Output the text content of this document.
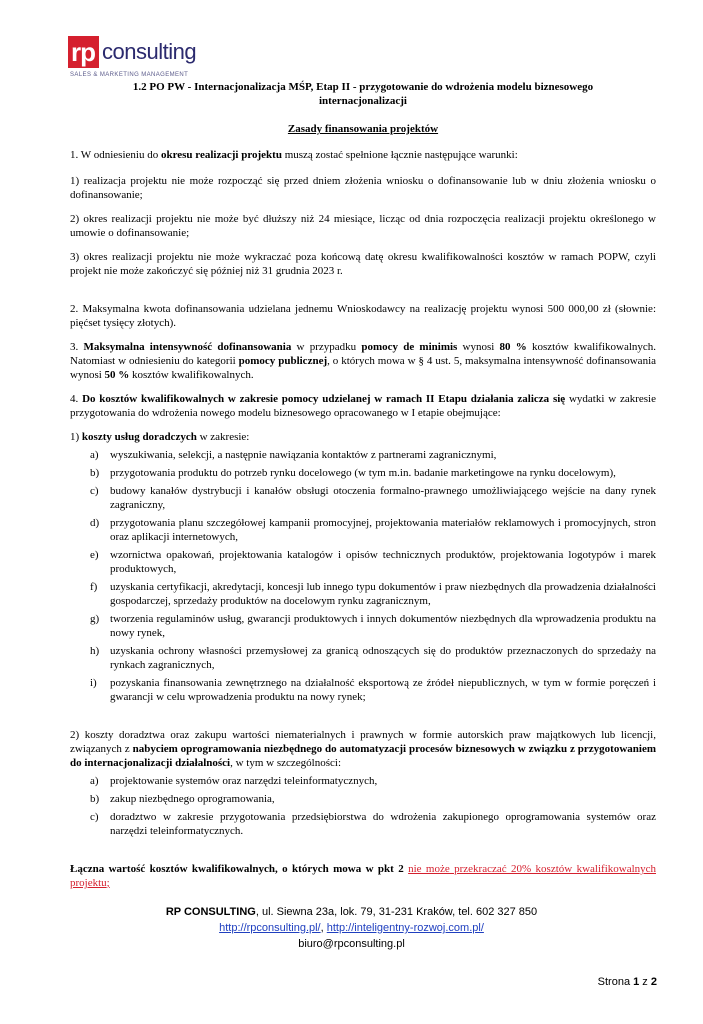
rp consulting
SALES & MARKETING MANAGEMENT

1.2 PO PW - Internacjonalizacja MŚP, Etap II - przygotowanie do wdrożenia modelu biznesowego
internacjonalizacji

Zasady finansowania projektów

1. W odniesieniu do okresu realizacji projektu muszą zostać spełnione łącznie następujące warunki:

1) realizacja projektu nie może rozpocząć się przed dniem złożenia wniosku o dofinansowanie lub w dniu złożenia wniosku o dofinansowanie;

2) okres realizacji projektu nie może być dłuższy niż 24 miesiące, licząc od dnia rozpoczęcia realizacji projektu określonego w umowie o dofinansowanie;

3) okres realizacji projektu nie może wykraczać poza końcową datę okresu kwalifikowalności kosztów w ramach POPW, czyli projekt nie może zakończyć się później niż 31 grudnia 2023 r.

2. Maksymalna kwota dofinansowania udzielana jednemu Wnioskodawcy na realizację projektu wynosi 500 000,00 zł (słownie: pięćset tysięcy złotych).

3. Maksymalna intensywność dofinansowania w przypadku pomocy de minimis wynosi 80 % kosztów kwalifikowalnych. Natomiast w odniesieniu do kategorii pomocy publicznej, o których mowa w § 4 ust. 5, maksymalna intensywność dofinansowania wynosi 50 % kosztów kwalifikowalnych.

4. Do kosztów kwalifikowalnych w zakresie pomocy udzielanej w ramach II Etapu działania zalicza się wydatki w zakresie przygotowania do wdrożenia nowego modelu biznesowego opracowanego w I etapie obejmujące:

1) koszty usług doradczych w zakresie:

a) wyszukiwania, selekcji, a następnie nawiązania kontaktów z partnerami zagranicznymi,
b) przygotowania produktu do potrzeb rynku docelowego (w tym m.in. badanie marketingowe na rynku docelowym),
c) budowy kanałów dystrybucji i kanałów obsługi otoczenia formalno-prawnego umożliwiającego wejście na dany rynek zagraniczny,
d) przygotowania planu szczegółowej kampanii promocyjnej, projektowania materiałów reklamowych i promocyjnych, stron oraz aplikacji internetowych,
e) wzornictwa opakowań, projektowania katalogów i opisów technicznych produktów, projektowania logotypów i marek produktowych,
f) uzyskania certyfikacji, akredytacji, koncesji lub innego typu dokumentów i praw niezbędnych dla prowadzenia działalności gospodarczej, sprzedaży produktów na docelowym rynku zagranicznym,
g) tworzenia regulaminów usług, gwarancji produktowych i innych dokumentów niezbędnych dla wprowadzenia produktu na nowy rynek,
h) uzyskania ochrony własności przemysłowej za granicą odnoszących się do produktów przeznaczonych do sprzedaży na rynkach zagranicznych,
i) pozyskania finansowania zewnętrznego na działalność eksportową ze źródeł niepublicznych, w tym w formie poręczeń i gwarancji w celu wprowadzenia produktu na nowy rynek;

2) koszty doradztwa oraz zakupu wartości niematerialnych i prawnych w formie autorskich praw majątkowych lub licencji, związanych z nabyciem oprogramowania niezbędnego do automatyzacji procesów biznesowych w związku z przygotowaniem do internacjonalizacji działalności, w tym w szczególności:

a) projektowanie systemów oraz narzędzi teleinformatycznych,
b) zakup niezbędnego oprogramowania,
c) doradztwo w zakresie przygotowania przedsiębiorstwa do wdrożenia zakupionego oprogramowania systemów oraz narzędzi teleinformatycznych.

Łączna wartość kosztów kwalifikowalnych, o których mowa w pkt 2 nie może przekraczać 20% kosztów kwalifikowalnych projektu;

RP CONSULTING, ul. Siewna 23a, lok. 79, 31-231 Kraków, tel. 602 327 850
http://rpconsulting.pl/, http://inteligentny-rozwoj.com.pl/
biuro@rpconsulting.pl
Strona 1 z 2
